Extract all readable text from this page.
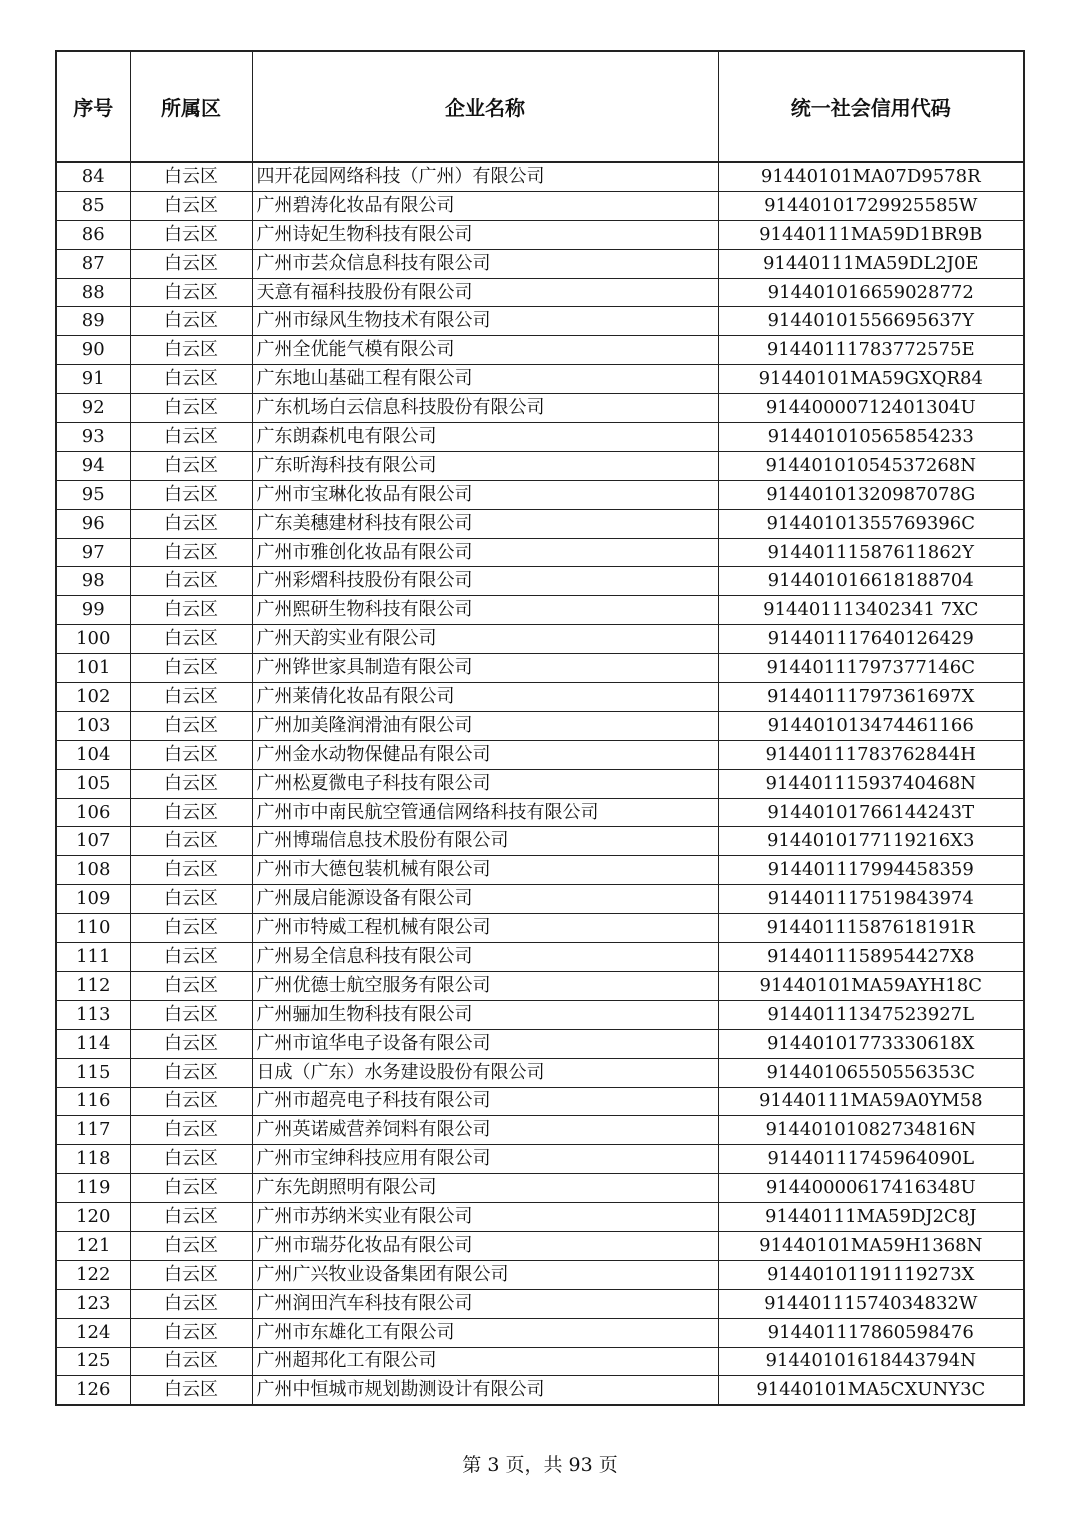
序号	所属区	企业名称	统一社会信用代码
84	白云区	四开花园网络科技（广州）有限公司	91440101MA07D9578R
85	白云区	广州碧涛化妆品有限公司	91440101729925585W
86	白云区	广州诗妃生物科技有限公司	91440111MA59D1BR9B
87	白云区	广州市芸众信息科技有限公司	91440111MA59DL2J0E
88	白云区	天意有福科技股份有限公司	914401016659028772
89	白云区	广州市绿风生物技术有限公司	91440101556695637Y
90	白云区	广州全优能气模有限公司	91440111783772575E
91	白云区	广东地山基础工程有限公司	91440101MA59GXQR84
92	白云区	广东机场白云信息科技股份有限公司	91440000712401304U
93	白云区	广东朗森机电有限公司	914401010565854233
94	白云区	广东昕海科技有限公司	91440101054537268N
95	白云区	广州市宝琳化妆品有限公司	91440101320987078G
96	白云区	广东美穗建材科技有限公司	91440101355769396C
97	白云区	广州市雅创化妆品有限公司	91440111587611862Y
98	白云区	广州彩熠科技股份有限公司	914401016618188704
99	白云区	广州熙研生物科技有限公司	914401113402341 7XC
100	白云区	广州天韵实业有限公司	914401117640126429
101	白云区	广州铧世家具制造有限公司	91440111797377146C
102	白云区	广州莱倩化妆品有限公司	91440111797361697X
103	白云区	广州加美隆润滑油有限公司	914401013474461166
104	白云区	广州金水动物保健品有限公司	91440111783762844H
105	白云区	广州松夏微电子科技有限公司	91440111593740468N
106	白云区	广州市中南民航空管通信网络科技有限公司	91440101766144243T
107	白云区	广州博瑞信息技术股份有限公司	9144010177119216X3
108	白云区	广州市大德包装机械有限公司	914401117994458359
109	白云区	广州晟启能源设备有限公司	914401117519843974
110	白云区	广州市特威工程机械有限公司	91440111587618191R
111	白云区	广州易全信息科技有限公司	9144011158954427X8
112	白云区	广州优德士航空服务有限公司	91440101MA59AYH18C
113	白云区	广州骊加生物科技有限公司	91440111347523927L
114	白云区	广州市谊华电子设备有限公司	91440101773330618X
115	白云区	日成（广东）水务建设股份有限公司	91440106550556353C
116	白云区	广州市超亮电子科技有限公司	91440111MA59A0YM58
117	白云区	广州英诺威营养饲料有限公司	91440101082734816N
118	白云区	广州市宝绅科技应用有限公司	91440111745964090L
119	白云区	广东先朗照明有限公司	91440000617416348U
120	白云区	广州市苏纳米实业有限公司	91440111MA59DJ2C8J
121	白云区	广州市瑞芬化妆品有限公司	91440101MA59H1368N
122	白云区	广州广兴牧业设备集团有限公司	91440101191119273X
123	白云区	广州润田汽车科技有限公司	91440111574034832W
124	白云区	广州市东雄化工有限公司	914401117860598476
125	白云区	广州超邦化工有限公司	91440101618443794N
126	白云区	广州中恒城市规划勘测设计有限公司	91440101MA5CXUNY3C
第 3 页，共 93 页
